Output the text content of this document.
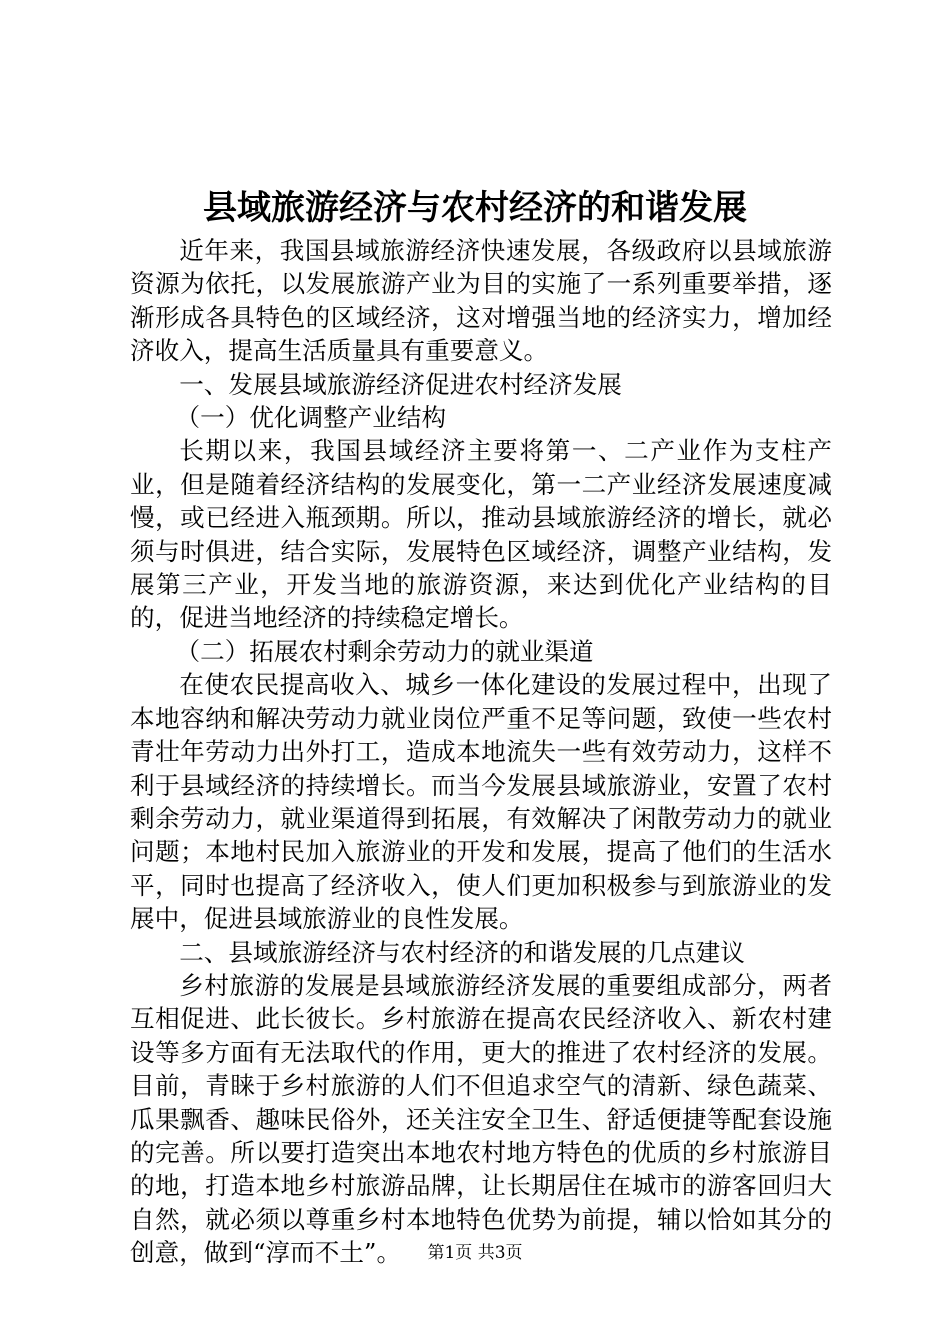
县域旅游经济与农村经济的和谐发展

近年来，我国县域旅游经济快速发展，各级政府以县域旅游资源为依托，以发展旅游产业为目的实施了一系列重要举措，逐渐形成各具特色的区域经济，这对增强当地的经济实力，增加经济收入，提高生活质量具有重要意义。

一、发展县域旅游经济促进农村经济发展

（一）优化调整产业结构

长期以来，我国县域经济主要将第一、二产业作为支柱产业，但是随着经济结构的发展变化，第一二产业经济发展速度减慢，或已经进入瓶颈期。所以，推动县域旅游经济的增长，就必须与时俱进，结合实际，发展特色区域经济，调整产业结构，发展第三产业，开发当地的旅游资源，来达到优化产业结构的目的，促进当地经济的持续稳定增长。

（二）拓展农村剩余劳动力的就业渠道

在使农民提高收入、城乡一体化建设的发展过程中，出现了本地容纳和解决劳动力就业岗位严重不足等问题，致使一些农村青壮年劳动力出外打工，造成本地流失一些有效劳动力，这样不利于县域经济的持续增长。而当今发展县域旅游业，安置了农村剩余劳动力，就业渠道得到拓展，有效解决了闲散劳动力的就业问题；本地村民加入旅游业的开发和发展，提高了他们的生活水平，同时也提高了经济收入，使人们更加积极参与到旅游业的发展中，促进县域旅游业的良性发展。

二、县域旅游经济与农村经济的和谐发展的几点建议

乡村旅游的发展是县域旅游经济发展的重要组成部分，两者互相促进、此长彼长。乡村旅游在提高农民经济收入、新农村建设等多方面有无法取代的作用，更大的推进了农村经济的发展。目前，青睐于乡村旅游的人们不但追求空气的清新、绿色蔬菜、瓜果飘香、趣味民俗外，还关注安全卫生、舒适便捷等配套设施的完善。所以要打造突出本地农村地方特色的优质的乡村旅游目的地，打造本地乡村旅游品牌，让长期居住在城市的游客回归大自然，就必须以尊重乡村本地特色优势为前提，辅以恰如其分的创意，做到“淳而不土”。	第1页 共3页
